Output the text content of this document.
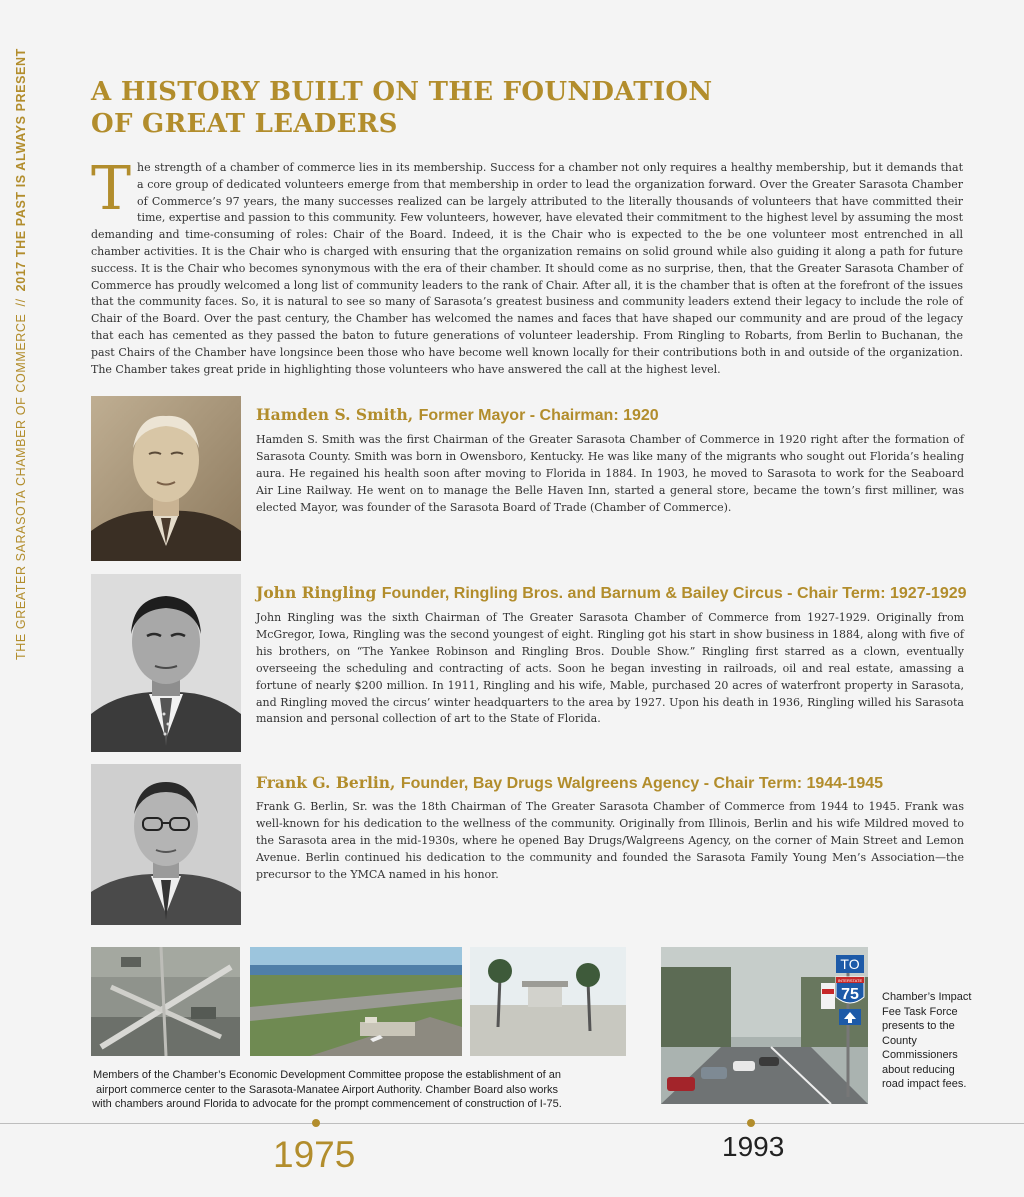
THE GREATER SARASOTA CHAMBER OF COMMERCE//2017 THE PAST IS ALWAYS PRESENT	A HISTORY BUILT ON THE FOUNDATION
OF GREAT LEADERS

The strength of a chamber of commerce lies in its membership. Success for a chamber not only requires a healthy membership, but it demands that a core group of dedicated volunteers emerge from that membership in order to lead the organization forward. Over the Greater Sarasota Chamber of Commerce’s 97 years, the many successes realized can be largely attributed to the literally thousands of volunteers that have committed their time, expertise and passion to this community. Few volunteers, however, have elevated their commitment to the highest level by assuming the most demanding and time-consuming of roles: Chair of the Board. Indeed, it is the Chair who is expected to the be one volunteer most entrenched in all chamber activities. It is the Chair who is charged with ensuring that the organization remains on solid ground while also guiding it along a path for future success. It is the Chair who becomes synonymous with the era of their chamber. It should come as no surprise, then, that the Greater Sarasota Chamber of Commerce has proudly welcomed a long list of community leaders to the rank of Chair. After all, it is the chamber that is often at the forefront of the issues that the community faces. So, it is natural to see so many of Sarasota’s greatest business and community leaders extend their legacy to include the role of Chair of the Board. Over the past century, the Chamber has welcomed the names and faces that have shaped our community and are proud of the legacy that each has cemented as they passed the baton to future generations of volunteer leadership. From Ringling to Robarts, from Berlin to Buchanan, the past Chairs of the Chamber have longsince been those who have become well known locally for their contributions both in and outside of the organization. The Chamber takes great pride in highlighting those volunteers who have answered the call at the highest level.

Hamden S. Smith, Former Mayor - Chairman: 1920

Hamden S. Smith was the first Chairman of the Greater Sarasota Chamber of Commerce in 1920 right after the formation of Sarasota County. Smith was born in Owensboro, Kentucky. He was like many of the migrants who sought out Florida’s healing aura. He regained his health soon after moving to Florida in 1884. In 1903, he moved to Sarasota to work for the Seaboard Air Line Railway. He went on to manage the Belle Haven Inn, started a general store, became the town’s first milliner, was elected Mayor, was founder of the Sarasota Board of Trade (Chamber of Commerce).

John Ringling Founder, Ringling Bros. and Barnum & Bailey Circus - Chair Term: 1927-1929

John Ringling was the sixth Chairman of The Greater Sarasota Chamber of Commerce from 1927-1929. Originally from McGregor, Iowa, Ringling was the second youngest of eight. Ringling got his start in show business in 1884, along with five of his brothers, on “The Yankee Robinson and Ringling Bros. Double Show.” Ringling first starred as a clown, eventually overseeing the scheduling and contracting of acts. Soon he began investing in railroads, oil and real estate, amassing a fortune of nearly $200 million. In 1911, Ringling and his wife, Mable, purchased 20 acres of waterfront property in Sarasota, and Ringling moved the circus’ winter headquarters to the area by 1927. Upon his death in 1936, Ringling willed his Sarasota mansion and personal collection of art to the State of Florida.

Frank G. Berlin, Founder, Bay Drugs Walgreens Agency - Chair Term: 1944-1945

Frank G. Berlin, Sr. was the 18th Chairman of The Greater Sarasota Chamber of Commerce from 1944 to 1945. Frank was well-known for his dedication to the wellness of the community. Originally from Illinois, Berlin and his wife Mildred moved to the Sarasota area in the mid-1930s, where he opened Bay Drugs/Walgreens Agency, on the corner of Main Street and Lemon Avenue. Berlin continued his dedication to the community and founded the Sarasota Family Young Men’s Association—the precursor to the YMCA named in his honor.

Members of the Chamber’s Economic Development Committee propose the establishment of an airport commerce center to the Sarasota-Manatee Airport Authority. Chamber Board also works with chambers around Florida to advocate for the prompt commencement of construction of I-75.
TO
INTERSTATE
75 Chamber’s Impact Fee Task Force presents to the County Commissioners about reducing road impact fees.
1975	1993
